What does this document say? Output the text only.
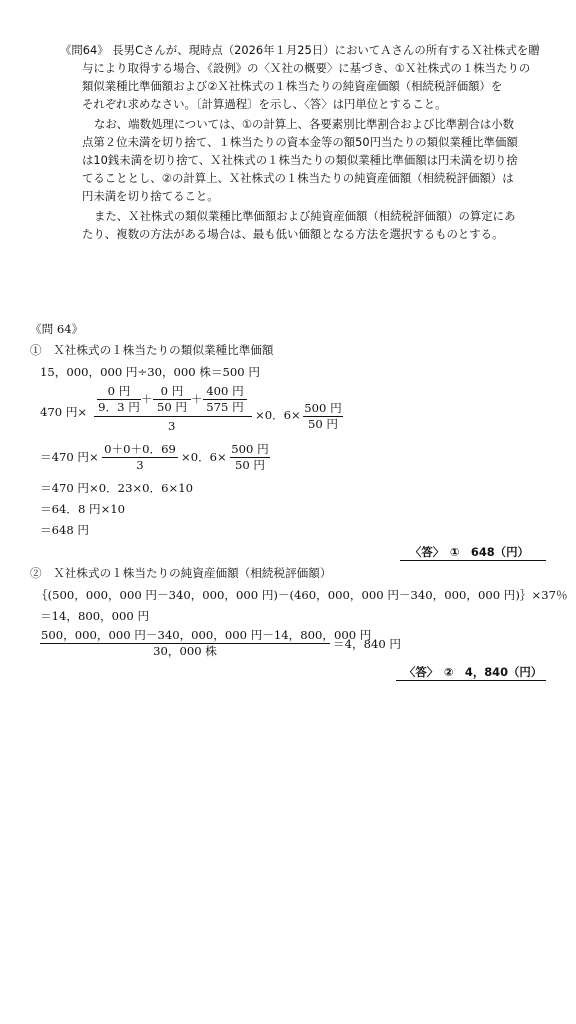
《問64》 長男Cさんが、現時点（2026年１月25日）においてＡさんの所有するＸ社株式を贈
与により取得する場合、《設例》の〈Ｘ社の概要〉に基づき、①Ｘ社株式の１株当たりの
類似業種比準価額および②Ｘ社株式の１株当たりの純資産価額（相続税評価額）を
それぞれ求めなさい。〔計算過程〕を示し、〈答〉は円単位とすること。
なお、端数処理については、①の計算上、各要素別比準割合および比準割合は小数
点第２位未満を切り捨て、１株当たりの資本金等の額50円当たりの類似業種比準価額
は10銭未満を切り捨て、Ｘ社株式の１株当たりの類似業種比準価額は円未満を切り捨
てることとし、②の計算上、Ｘ社株式の１株当たりの純資産価額（相続税評価額）は
円未満を切り捨てること。
また、Ｘ社株式の類似業種比準価額および純資産価額（相続税評価額）の算定にあ
たり、複数の方法がある場合は、最も低い価額となる方法を選択するものとする。
《問 64》
①　Ｘ社株式の１株当たりの類似業種比準価額
15，000，000 円÷30，000 株＝500 円
470 円×
0 円
9．3 円
＋
0 円
50 円
＋
400 円
575 円
3
×0．6× 500 円
50 円
＝470 円× $\frac{0+0+0.69}{3} \times 0$．6×
500 円
50 円
＝470 円×0．23×0．6×10
＝64．8 円×10
＝648 円
〈答〉　①　648（円）
②　Ｘ社株式の１株当たりの純資産価額（相続税評価額）
｛(500，000，000 円－340，000，000 円)－(460，000，000 円－340，000，000 円)｝×37％
＝14，800，000 円
500，000，000 円－340，000，000 円－14，800，000 円
30，000 株	＝4，840 円
〈答〉　②　4，840（円）
